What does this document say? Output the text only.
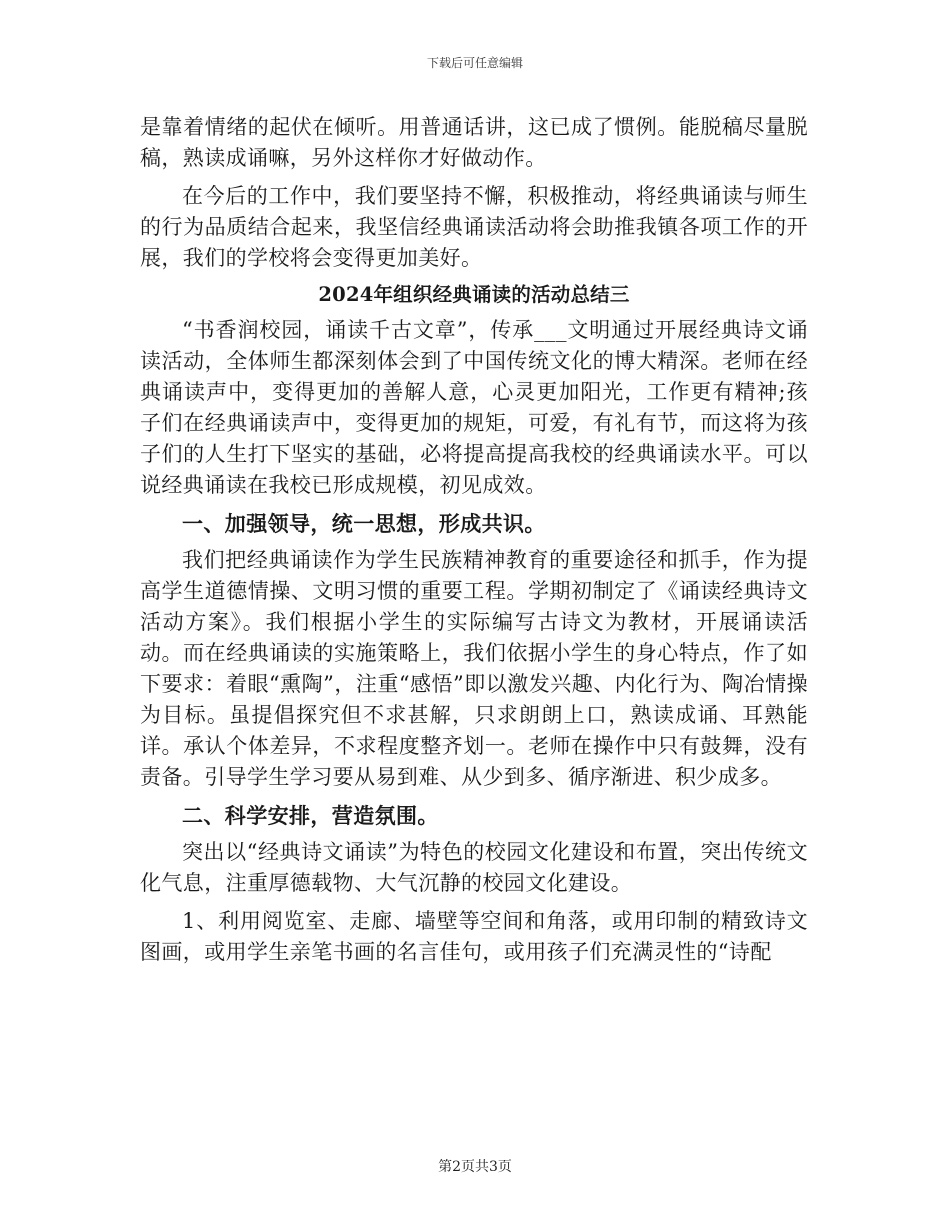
下载后可任意编辑

是靠着情绪的起伏在倾听。用普通话讲，这已成了惯例。能脱稿尽量脱稿，熟读成诵嘛，另外这样你才好做动作。

在今后的工作中，我们要坚持不懈，积极推动，将经典诵读与师生的行为品质结合起来，我坚信经典诵读活动将会助推我镇各项工作的开展，我们的学校将会变得更加美好。

2024年组织经典诵读的活动总结三

“书香润校园，诵读千古文章”，传承___文明通过开展经典诗文诵读活动，全体师生都深刻体会到了中国传统文化的博大精深。老师在经典诵读声中，变得更加的善解人意，心灵更加阳光，工作更有精神;孩子们在经典诵读声中，变得更加的规矩，可爱，有礼有节，而这将为孩子们的人生打下坚实的基础，必将提高提高我校的经典诵读水平。可以说经典诵读在我校已形成规模，初见成效。

一、加强领导，统一思想，形成共识。

我们把经典诵读作为学生民族精神教育的重要途径和抓手，作为提高学生道德情操、文明习惯的重要工程。学期初制定了《诵读经典诗文活动方案》。我们根据小学生的实际编写古诗文为教材，开展诵读活动。而在经典诵读的实施策略上，我们依据小学生的身心特点，作了如下要求：着眼“熏陶”，注重“感悟”即以激发兴趣、内化行为、陶冶情操为目标。虽提倡探究但不求甚解，只求朗朗上口，熟读成诵、耳熟能详。承认个体差异，不求程度整齐划一。老师在操作中只有鼓舞，没有责备。引导学生学习要从易到难、从少到多、循序渐进、积少成多。

二、科学安排，营造氛围。

突出以“经典诗文诵读”为特色的校园文化建设和布置，突出传统文化气息，注重厚德载物、大气沉静的校园文化建设。

1、利用阅览室、走廊、墙壁等空间和角落，或用印制的精致诗文图画，或用学生亲笔书画的名言佳句，或用孩子们充满灵性的“诗配

第2页共3页
